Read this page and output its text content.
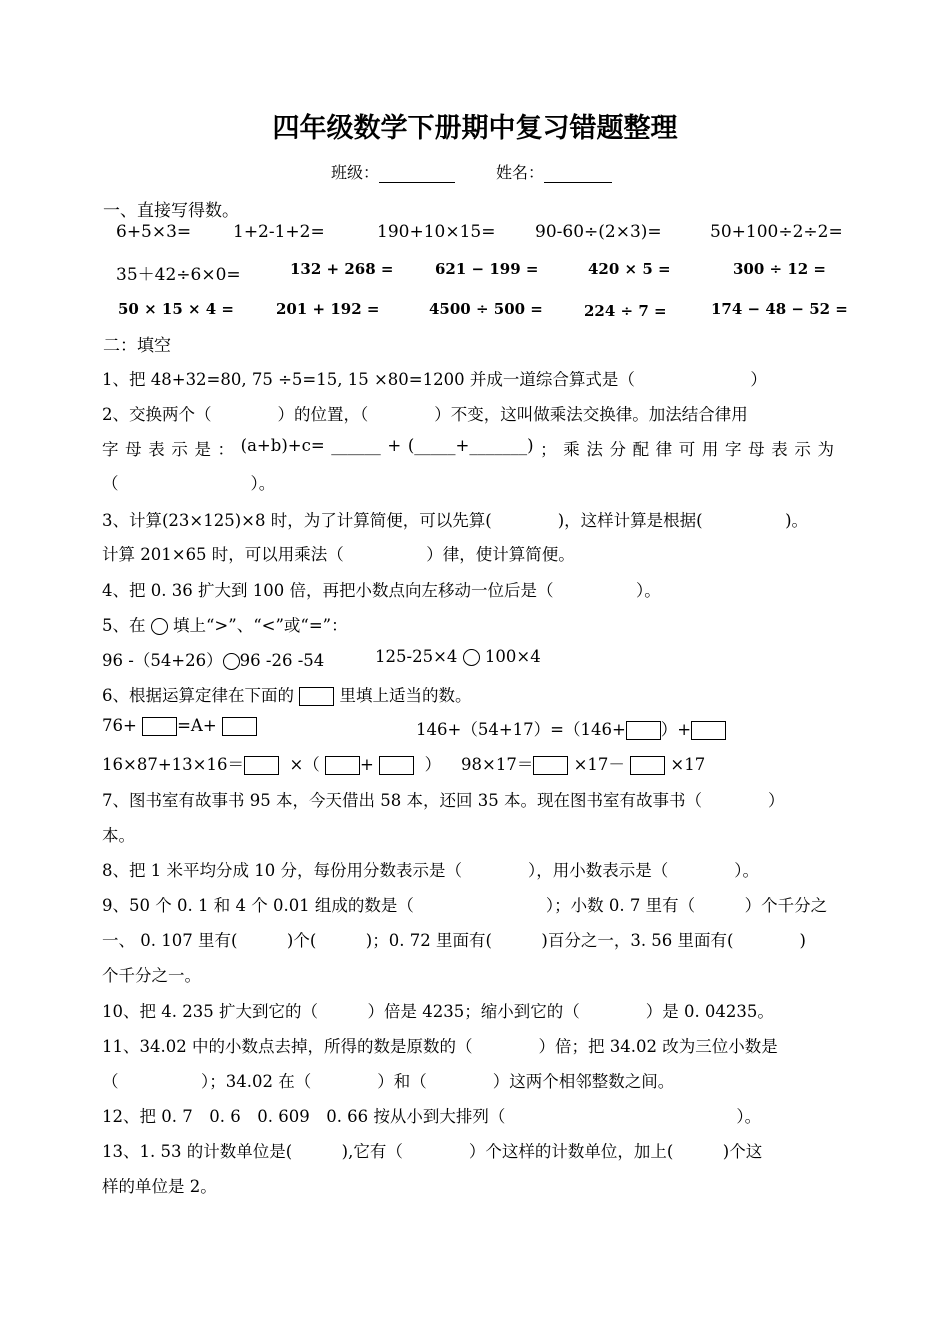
四年级数学下册期中复习错题整理
班级：	姓名：
一、直接写得数。
6+5×3= 1+2-1+2=	190+10×15= 90-60÷(2×3)=	50+100÷2÷2=
35＋42÷6×0=	132 + 268 =	621 − 199 =	420 × 5 =	300 ÷ 12 =
50 × 15 × 4 =	201 + 192 =	4500 ÷ 500 =	224 ÷ 7 =	174 − 48 − 52 =
二：填空
1、把 48+32=80, 75 ÷5=15, 15 ×80=1200 并成一道综合算式是（　　　　　　　）
2、交换两个（　　　　）的位置，（　　　　）不变，这叫做乘法交换律。加法结合律用
字 母 表 示 是 ： (a+b)+c= ______ + (_____+_______) ； 乘 法 分 配 律 可 用 字 母 表 示 为
（　　　　　　　　）。
3、计算(23×125)×8 时，为了计算简便，可以先算(　　　　)，这样计算是根据(　　　　　)。
计算 201×65 时，可以用乘法（　　　　　）律，使计算简便。
4、把 0. 36 扩大到 100 倍，再把小数点向左移动一位后是（　　　　　）。
5、在 填上“>”、“<”或“=”：
96 -（54+26） 96 -26 -54	125-25×4 100×4
6、根据运算定律在下面的	里填上适当的数。
76+ =A+	146+（54+17）=（146+ ）+
16×87+13×16＝	×（ +	） 98×17＝ ×17－	×17
7、图书室有故事书 95 本，今天借出 58 本，还回 35 本。现在图书室有故事书（　　　　）
本。
8、把 1 米平均分成 10 分，每份用分数表示是（　　　　），用小数表示是（　　　　）。
9、50 个 0. 1 和 4 个 0.01 组成的数是（　　　　　　　　）；小数 0. 7 里有（　　　）个千分之
一、 0. 107 里有(　　　)个(　　　)；0. 72 里面有(　　　)百分之一，3. 56 里面有(　　　　)
个千分之一。
10、把 4. 235 扩大到它的（　　　）倍是 4235；缩小到它的（　　　　）是 0. 04235。
11、34.02 中的小数点去掉，所得的数是原数的（　　　　）倍；把 34.02 改为三位小数是
（　　　　　）；34.02 在（　　　　）和（　　　　）这两个相邻整数之间。
12、把 0. 7　0. 6　0. 609　0. 66 按从小到大排列（　　　　　　　　　　　　　　）。
13、1. 53 的计数单位是(　　　),它有（　　　　）个这样的计数单位，加上(　　　)个这
样的单位是 2。
